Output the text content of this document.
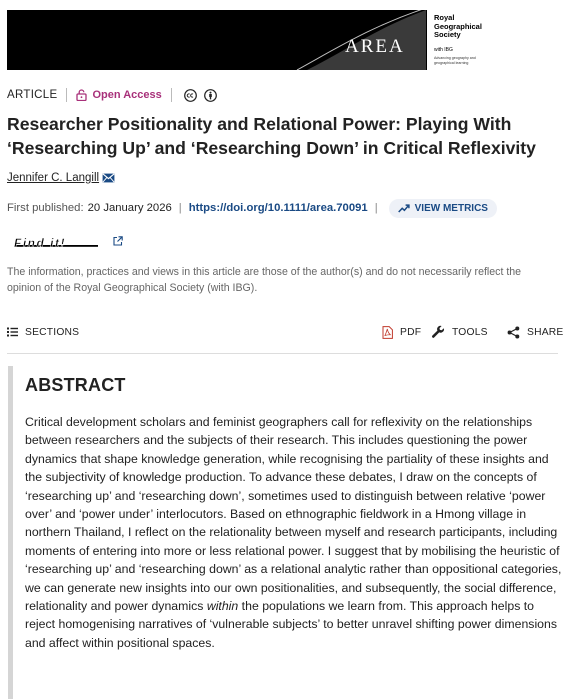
AREA
Royal
Geographical
Society
with IBG
Advancing geography and geographical learning
ARTICLE	Open Access
Researcher Positionality and Relational Power: Playing With ‘Researching Up’ and ‘Researching Down’ in Critical Reflexivity
Jennifer C. Langill
First published: 20 January 2026 | https://doi.org/10.1111/area.70091 |	VIEW METRICS
Find it!

The information, practices and views in this article are those of the author(s) and do not necessarily reflect the opinion of the Royal Geographical Society (with IBG).

SECTIONS	PDF	TOOLS	SHARE
ABSTRACT

Critical development scholars and feminist geographers call for reflexivity on the relationships between researchers and the subjects of their research. This includes questioning the power dynamics that shape knowledge generation, while recognising the partiality of these insights and the subjectivity of knowledge production. To advance these debates, I draw on the concepts of ‘researching up’ and ‘researching down’, sometimes used to distinguish between relative ‘power over’ and ‘power under’ interlocutors. Based on ethnographic fieldwork in a Hmong village in northern Thailand, I reflect on the relationality between myself and research participants, including moments of entering into more or less relational power. I suggest that by mobilising the heuristic of ‘researching up’ and ‘researching down’ as a relational analytic rather than oppositional categories, we can generate new insights into our own positionalities, and subsequently, the social difference, relationality and power dynamics within the populations we learn from. This approach helps to reject homogenising narratives of ‘vulnerable subjects’ to better unravel shifting power dimensions and affect within positional spaces.
